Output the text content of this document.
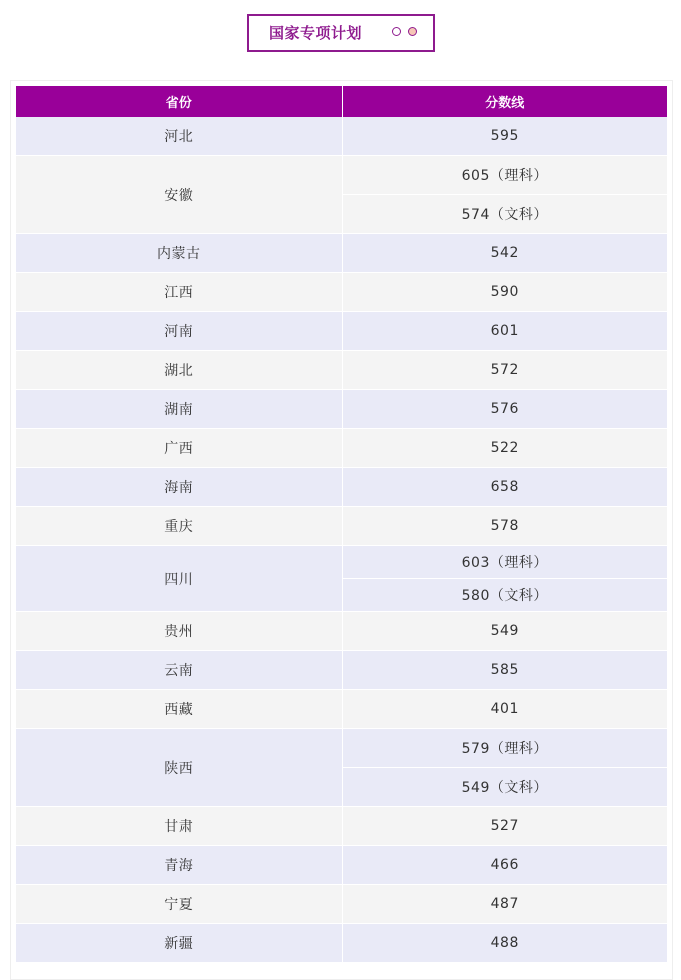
国家专项计划
省份	分数线
河北	595
安徽	605（理科）
	574（文科）
内蒙古	542
江西	590
河南	601
湖北	572
湖南	576
广西	522
海南	658
重庆	578
四川	603（理科）
	580（文科）
贵州	549
云南	585
西藏	401
陕西	579（理科）
	549（文科）
甘肃	527
青海	466
宁夏	487
新疆	488
